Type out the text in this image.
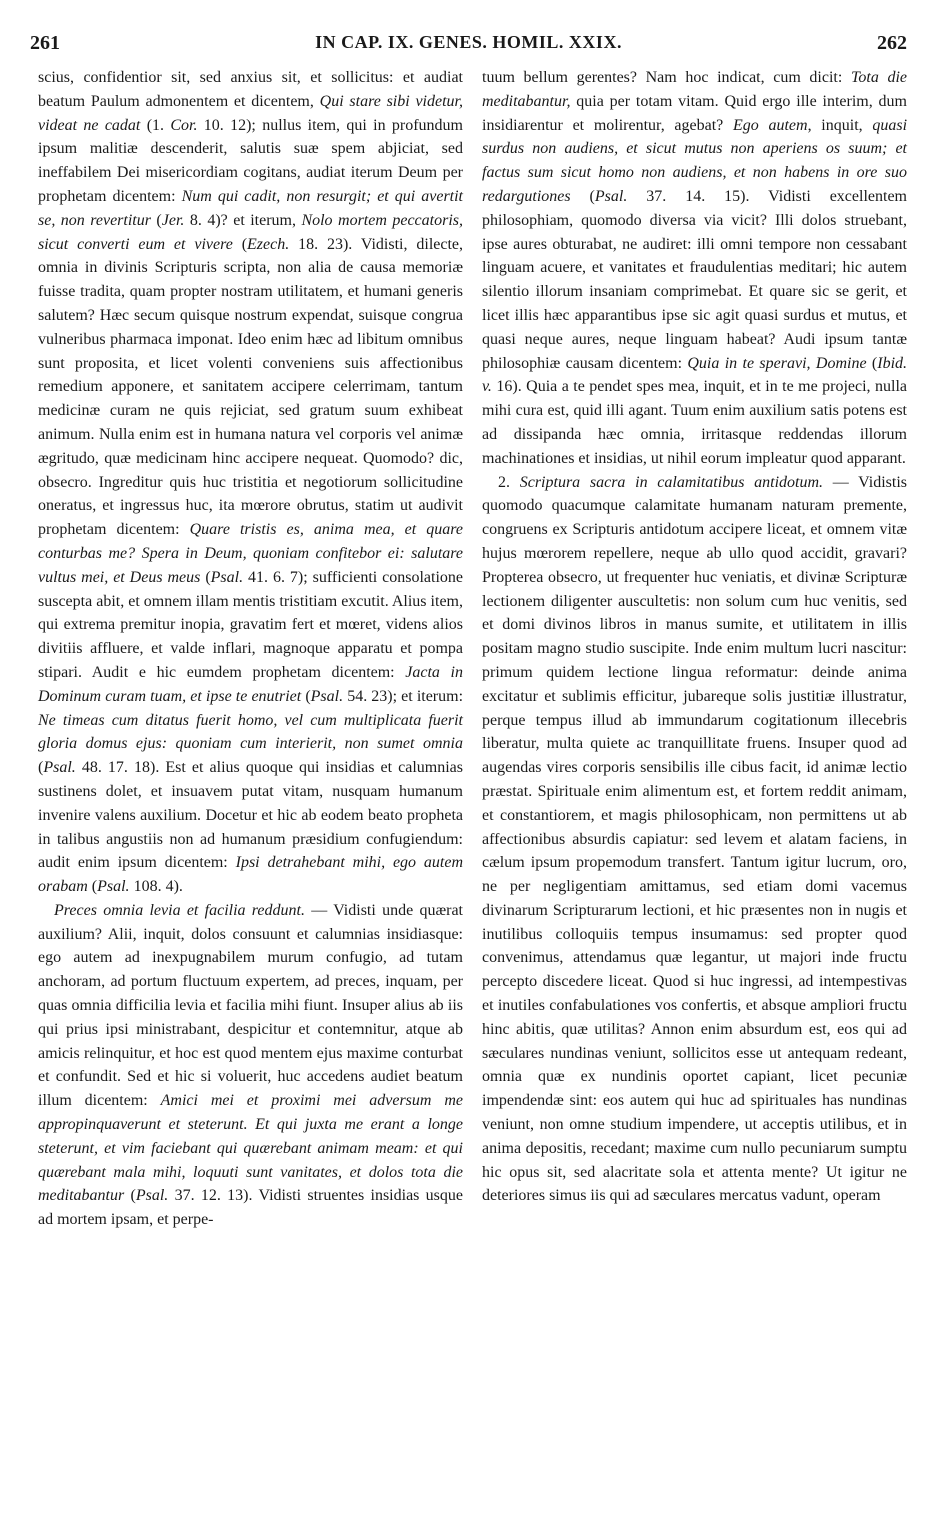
261	IN CAP. IX. GENES. HOMIL. XXIX.	262

scius, confidentior sit, sed anxius sit, et sollicitus: et audiat beatum Paulum admonentem et dicentem, Qui stare sibi videtur, videat ne cadat (1. Cor. 10. 12); nullus item, qui in profundum ipsum malitiæ descenderit, salutis suæ spem abjiciat, sed ineffabilem Dei misericordiam cogitans, audiat iterum Deum per prophetam dicentem: Num qui cadit, non resurgit; et qui avertit se, non revertitur (Jer. 8. 4)? et iterum, Nolo mortem peccatoris, sicut converti eum et vivere (Ezech. 18. 23). Vidisti, dilecte, omnia in divinis Scripturis scripta, non alia de causa memoriæ fuisse tradita, quam propter nostram utilitatem, et humani generis salutem? Hæc secum quisque nostrum expendat, suisque congrua vulneribus pharmaca imponat. Ideo enim hæc ad libitum omnibus sunt proposita, et licet volenti conveniens suis affectionibus remedium apponere, et sanitatem accipere celerrimam, tantum medicinæ curam ne quis rejiciat, sed gratum suum exhibeat animum. Nulla enim est in humana natura vel corporis vel animæ ægritudo, quæ medicinam hinc accipere nequeat. Quomodo? dic, obsecro. Ingreditur quis huc tristitia et negotiorum sollicitudine oneratus, et ingressus huc, ita mœrore obrutus, statim ut audivit prophetam dicentem: Quare tristis es, anima mea, et quare conturbas me? Spera in Deum, quoniam confitebor ei: salutare vultus mei, et Deus meus (Psal. 41. 6. 7); sufficienti consolatione suscepta abit, et omnem illam mentis tristitiam excutit. Alius item, qui extrema premitur inopia, gravatim fert et mœret, videns alios divitiis affluere, et valde inflari, magnoque apparatu et pompa stipari. Audit e hic eumdem prophetam dicentem: Jacta in Dominum curam tuam, et ipse te enutriet (Psal. 54. 23); et iterum: Ne timeas cum ditatus fuerit homo, vel cum multiplicata fuerit gloria domus ejus: quoniam cum interierit, non sumet omnia (Psal. 48. 17. 18). Est et alius quoque qui insidias et calumnias sustinens dolet, et insuavem putat vitam, nusquam humanum invenire valens auxilium. Docetur et hic ab eodem beato propheta in talibus angustiis non ad humanum præsidium confugiendum: audit enim ipsum dicentem: Ipsi detrahebant mihi, ego autem orabam (Psal. 108. 4).

Preces omnia levia et facilia reddunt. — Vidisti unde quærat auxilium? Alii, inquit, dolos consuunt et calumnias insidiasque: ego autem ad inexpugnabilem murum confugio, ad tutam anchoram, ad portum fluctuum expertem, ad preces, inquam, per quas omnia difficilia levia et facilia mihi fiunt. Insuper alius ab iis qui prius ipsi ministrabant, despicitur et contemnitur, atque ab amicis relinquitur, et hoc est quod mentem ejus maxime conturbat et confundit. Sed et hic si voluerit, huc accedens audiet beatum illum dicentem: Amici mei et proximi mei adversum me appropinquaverunt et steterunt. Et qui juxta me erant a longe steterunt, et vim faciebant qui quærebant animam meam: et qui quærebant mala mihi, loquuti sunt vanitates, et dolos tota die meditabantur (Psal. 37. 12. 13). Vidisti struentes insidias usque ad mortem ipsam, et perpe-

tuum bellum gerentes? Nam hoc indicat, cum dicit: Tota die meditabantur, quia per totam vitam. Quid ergo ille interim, dum insidiarentur et molirentur, agebat? Ego autem, inquit, quasi surdus non audiens, et sicut mutus non aperiens os suum; et factus sum sicut homo non audiens, et non habens in ore suo redargutiones (Psal. 37. 14. 15). Vidisti excellentem philosophiam, quomodo diversa via vicit? Illi dolos struebant, ipse aures obturabat, ne audiret: illi omni tempore non cessabant linguam acuere, et vanitates et fraudulentias meditari; hic autem silentio illorum insaniam comprimebat. Et quare sic se gerit, et licet illis hæc apparantibus ipse sic agit quasi surdus et mutus, et quasi neque aures, neque linguam habeat? Audi ipsum tantæ philosophiæ causam dicentem: Quia in te speravi, Domine (Ibid. v. 16). Quia a te pendet spes mea, inquit, et in te me projeci, nulla mihi cura est, quid illi agant. Tuum enim auxilium satis potens est ad dissipanda hæc omnia, irritasque reddendas illorum machinationes et insidias, ut nihil eorum impleatur quod apparant.

2. Scriptura sacra in calamitatibus antidotum. — Vidistis quomodo quacumque calamitate humanam naturam premente, congruens ex Scripturis antidotum accipere liceat, et omnem vitæ hujus mœrorem repellere, neque ab ullo quod accidit, gravari? Propterea obsecro, ut frequenter huc veniatis, et divinæ Scripturæ lectionem diligenter auscultetis: non solum cum huc venitis, sed et domi divinos libros in manus sumite, et utilitatem in illis positam magno studio suscipite. Inde enim multum lucri nascitur: primum quidem lectione lingua reformatur: deinde anima excitatur et sublimis efficitur, jubareque solis justitiæ illustratur, perque tempus illud ab immundarum cogitationum illecebris liberatur, multa quiete ac tranquillitate fruens. Insuper quod ad augendas vires corporis sensibilis ille cibus facit, id animæ lectio præstat. Spirituale enim alimentum est, et fortem reddit animam, et constantiorem, et magis philosophicam, non permittens ut ab affectionibus absurdis capiatur: sed levem et alatam faciens, in cælum ipsum propemodum transfert. Tantum igitur lucrum, oro, ne per negligentiam amittamus, sed etiam domi vacemus divinarum Scripturarum lectioni, et hic præsentes non in nugis et inutilibus colloquiis tempus insumamus: sed propter quod convenimus, attendamus quæ legantur, ut majori inde fructu percepto discedere liceat. Quod si huc ingressi, ad intempestivas et inutiles confabulationes vos confertis, et absque ampliori fructu hinc abitis, quæ utilitas? Annon enim absurdum est, eos qui ad sæculares nundinas veniunt, sollicitos esse ut antequam redeant, omnia quæ ex nundinis oportet capiant, licet pecuniæ impendendæ sint: eos autem qui huc ad spirituales has nundinas veniunt, non omne studium impendere, ut acceptis utilibus, et in anima depositis, recedant; maxime cum nullo pecuniarum sumptu hic opus sit, sed alacritate sola et attenta mente? Ut igitur ne deteriores simus iis qui ad sæculares mercatus vadunt, operam
